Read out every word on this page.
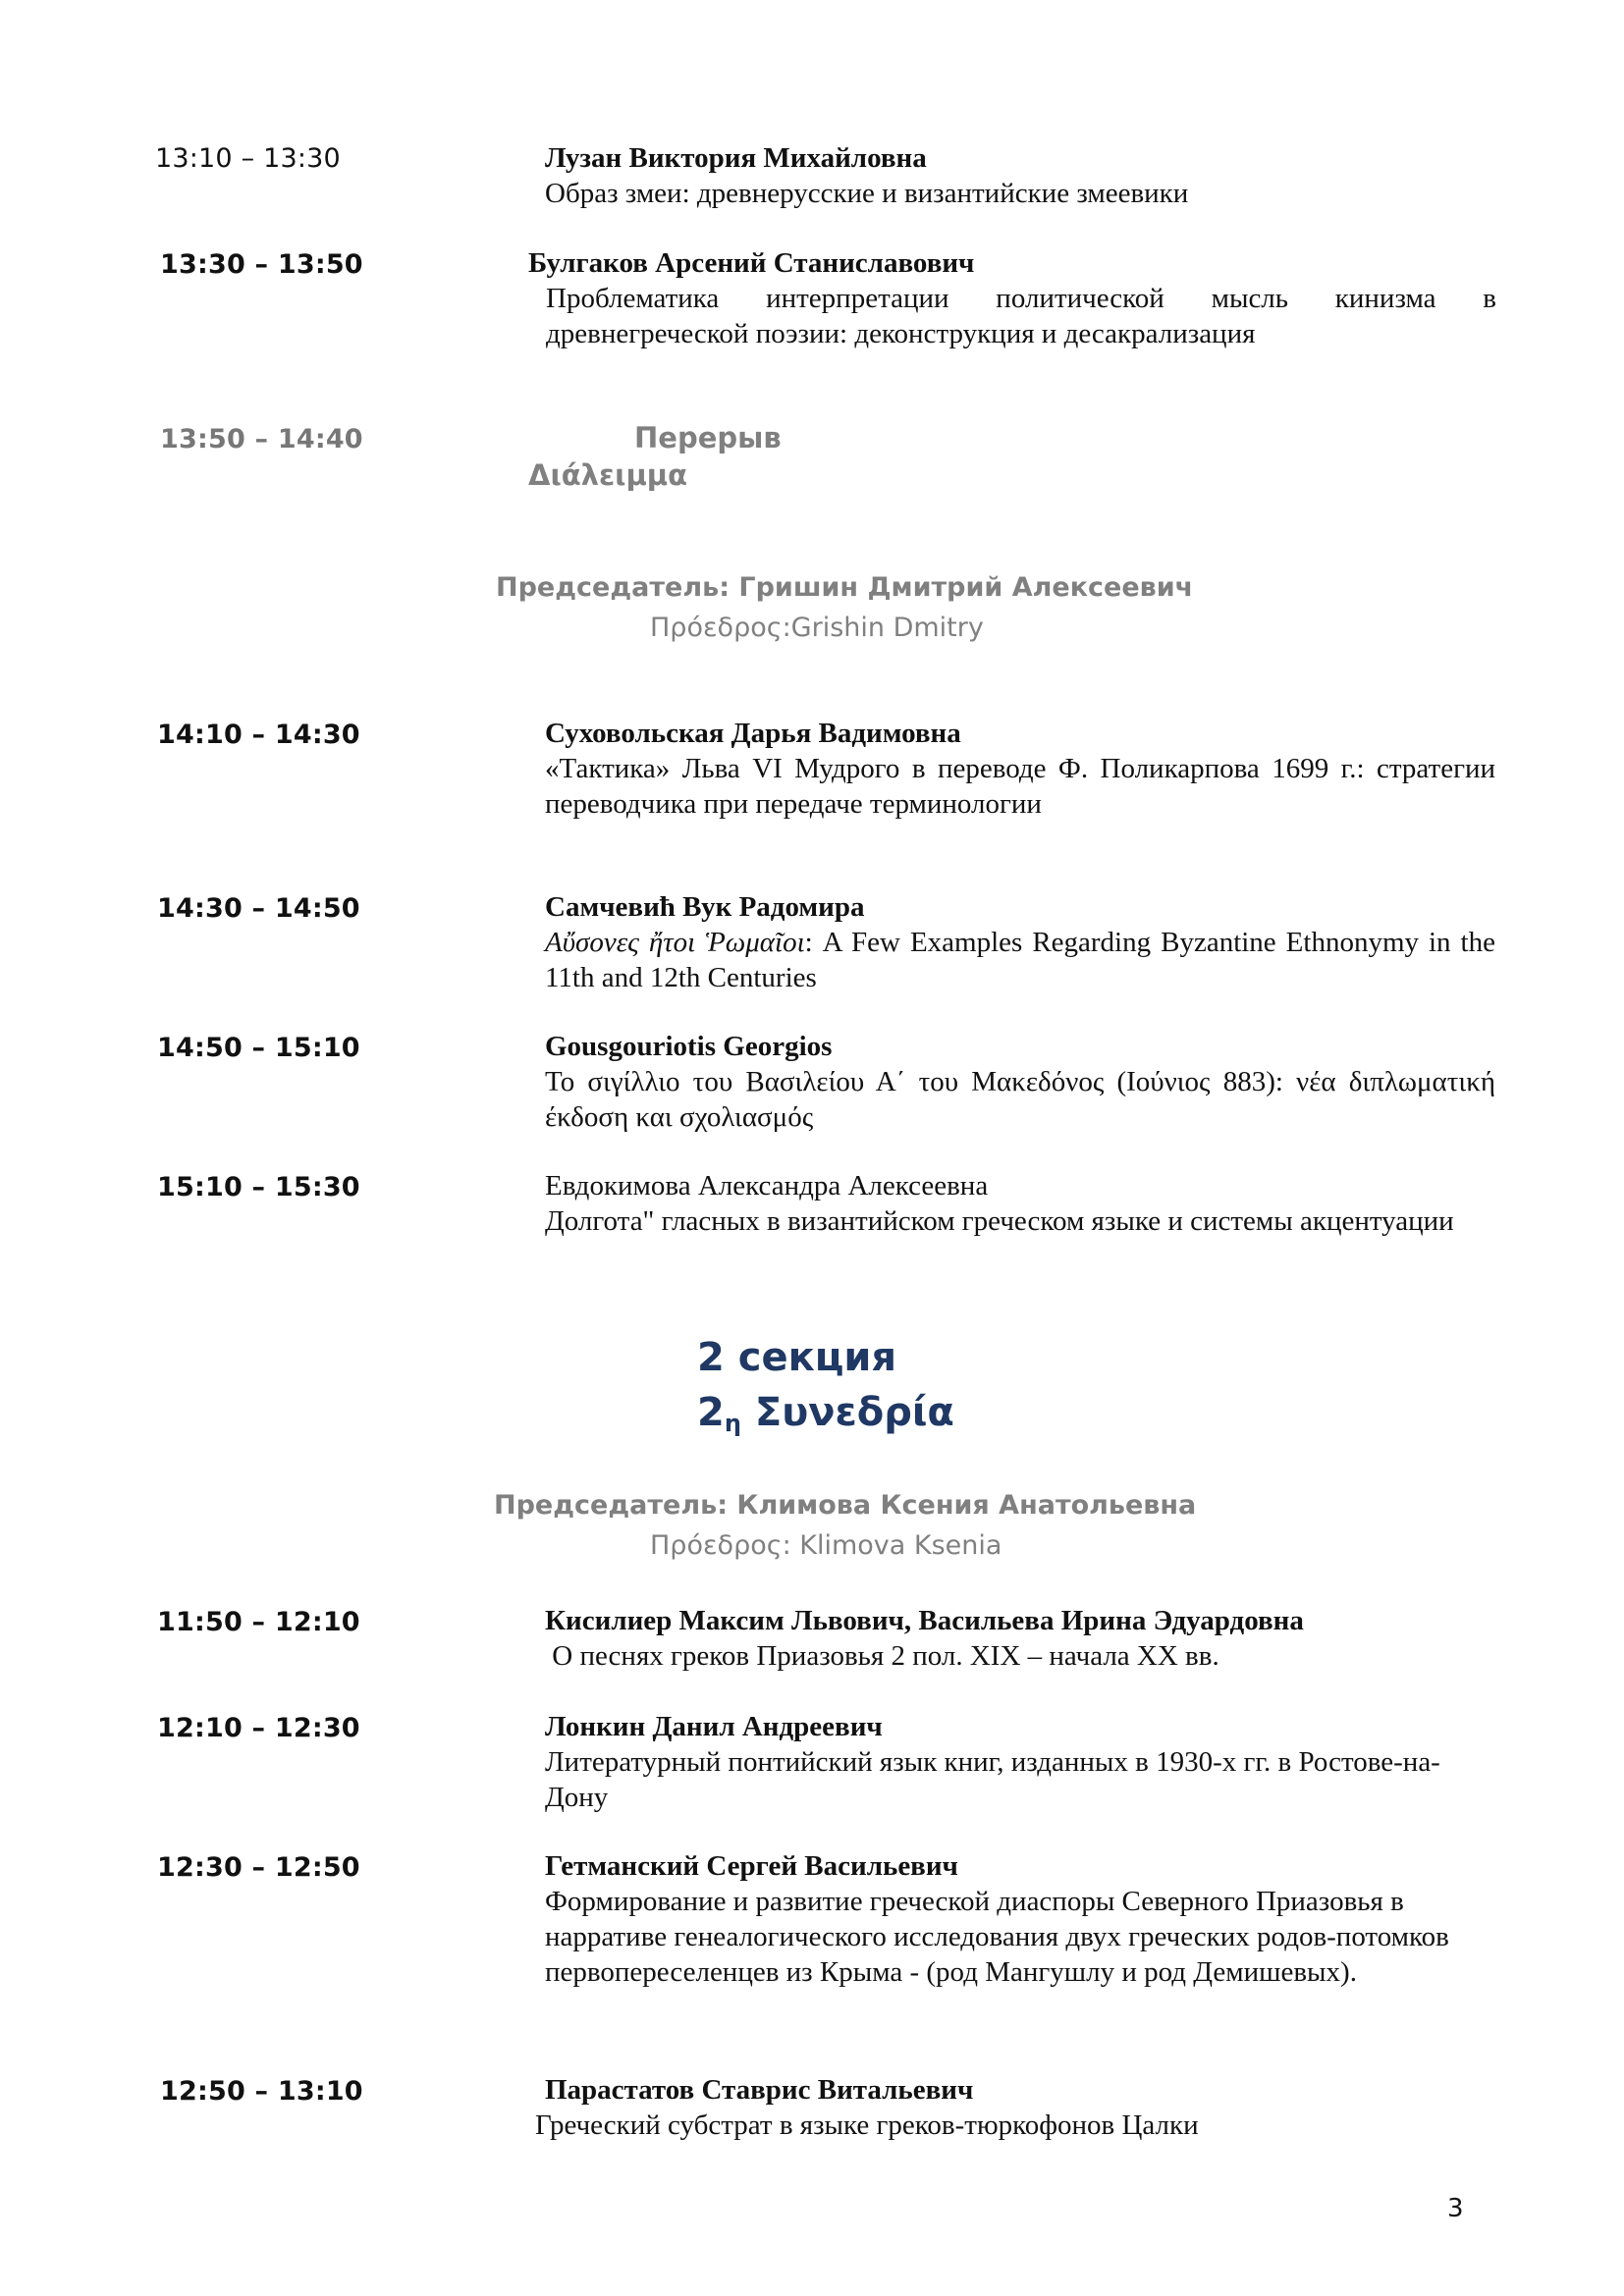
13:10 – 13:30	Лузан Виктория Михайловна
Образ змеи: древнерусские и византийские змеевики
13:30 – 13:50	Булгаков Арсений Станиславович
Проблематика интерпретации политической мысль кинизма в древнегреческой поэзии: деконструкция и десакрализация
13:50 – 14:40	Перерыв
Διάλειμμα
Председатель: Гришин Дмитрий Алексеевич
Πρόεδρος:Grishin Dmitry
14:10 – 14:30	Суховольская Дарья Вадимовна
«Тактика» Льва VI Мудрого в переводе Ф. Поликарпова 1699 г.: стратегии переводчика при передаче терминологии
14:30 – 14:50	Самчевић Вук Радомира
Αὔσονες ἤτοι Ῥωμαῖοι: A Few Examples Regarding Byzantine Ethnonymy in the 11th and 12th Centuries
14:50 – 15:10	Gousgouriotis Georgios
Το σιγίλλιο του Βασιλείου Α΄ του Μακεδόνος (Ιούνιος 883): νέα διπλωματική έκδοση και σχολιασμός
15:10 – 15:30	Евдокимова Александра Алексеевна
Долгота" гласных в византийском греческом языке и системы акцентуации
2 секция
$2_\eta$ Συνεδρία
Председатель: Климова Ксения Анатольевна
Πρόεδρος: Klimova Ksenia
11:50 – 12:10	Кисилиер Максим Львович, Васильева Ирина Эдуардовна
О песнях греков Приазовья 2 пол. XIX – начала XX вв.
12:10 – 12:30	Лонкин Данил Андреевич
Литературный понтийский язык книг, изданных в 1930-х гг. в Ростове-на-Дону
12:30 – 12:50	Гетманский Сергей Васильевич
Формирование и развитие греческой диаспоры Северного Приазовья в нарративе генеалогического исследования двух греческих родов-потомков первопереселенцев из Крыма - (род Мангушлу и род Демишевых).
12:50 – 13:10	Парастатов Ставрис Витальевич
Греческий субстрат в языке греков-тюркофонов Цалки
3
